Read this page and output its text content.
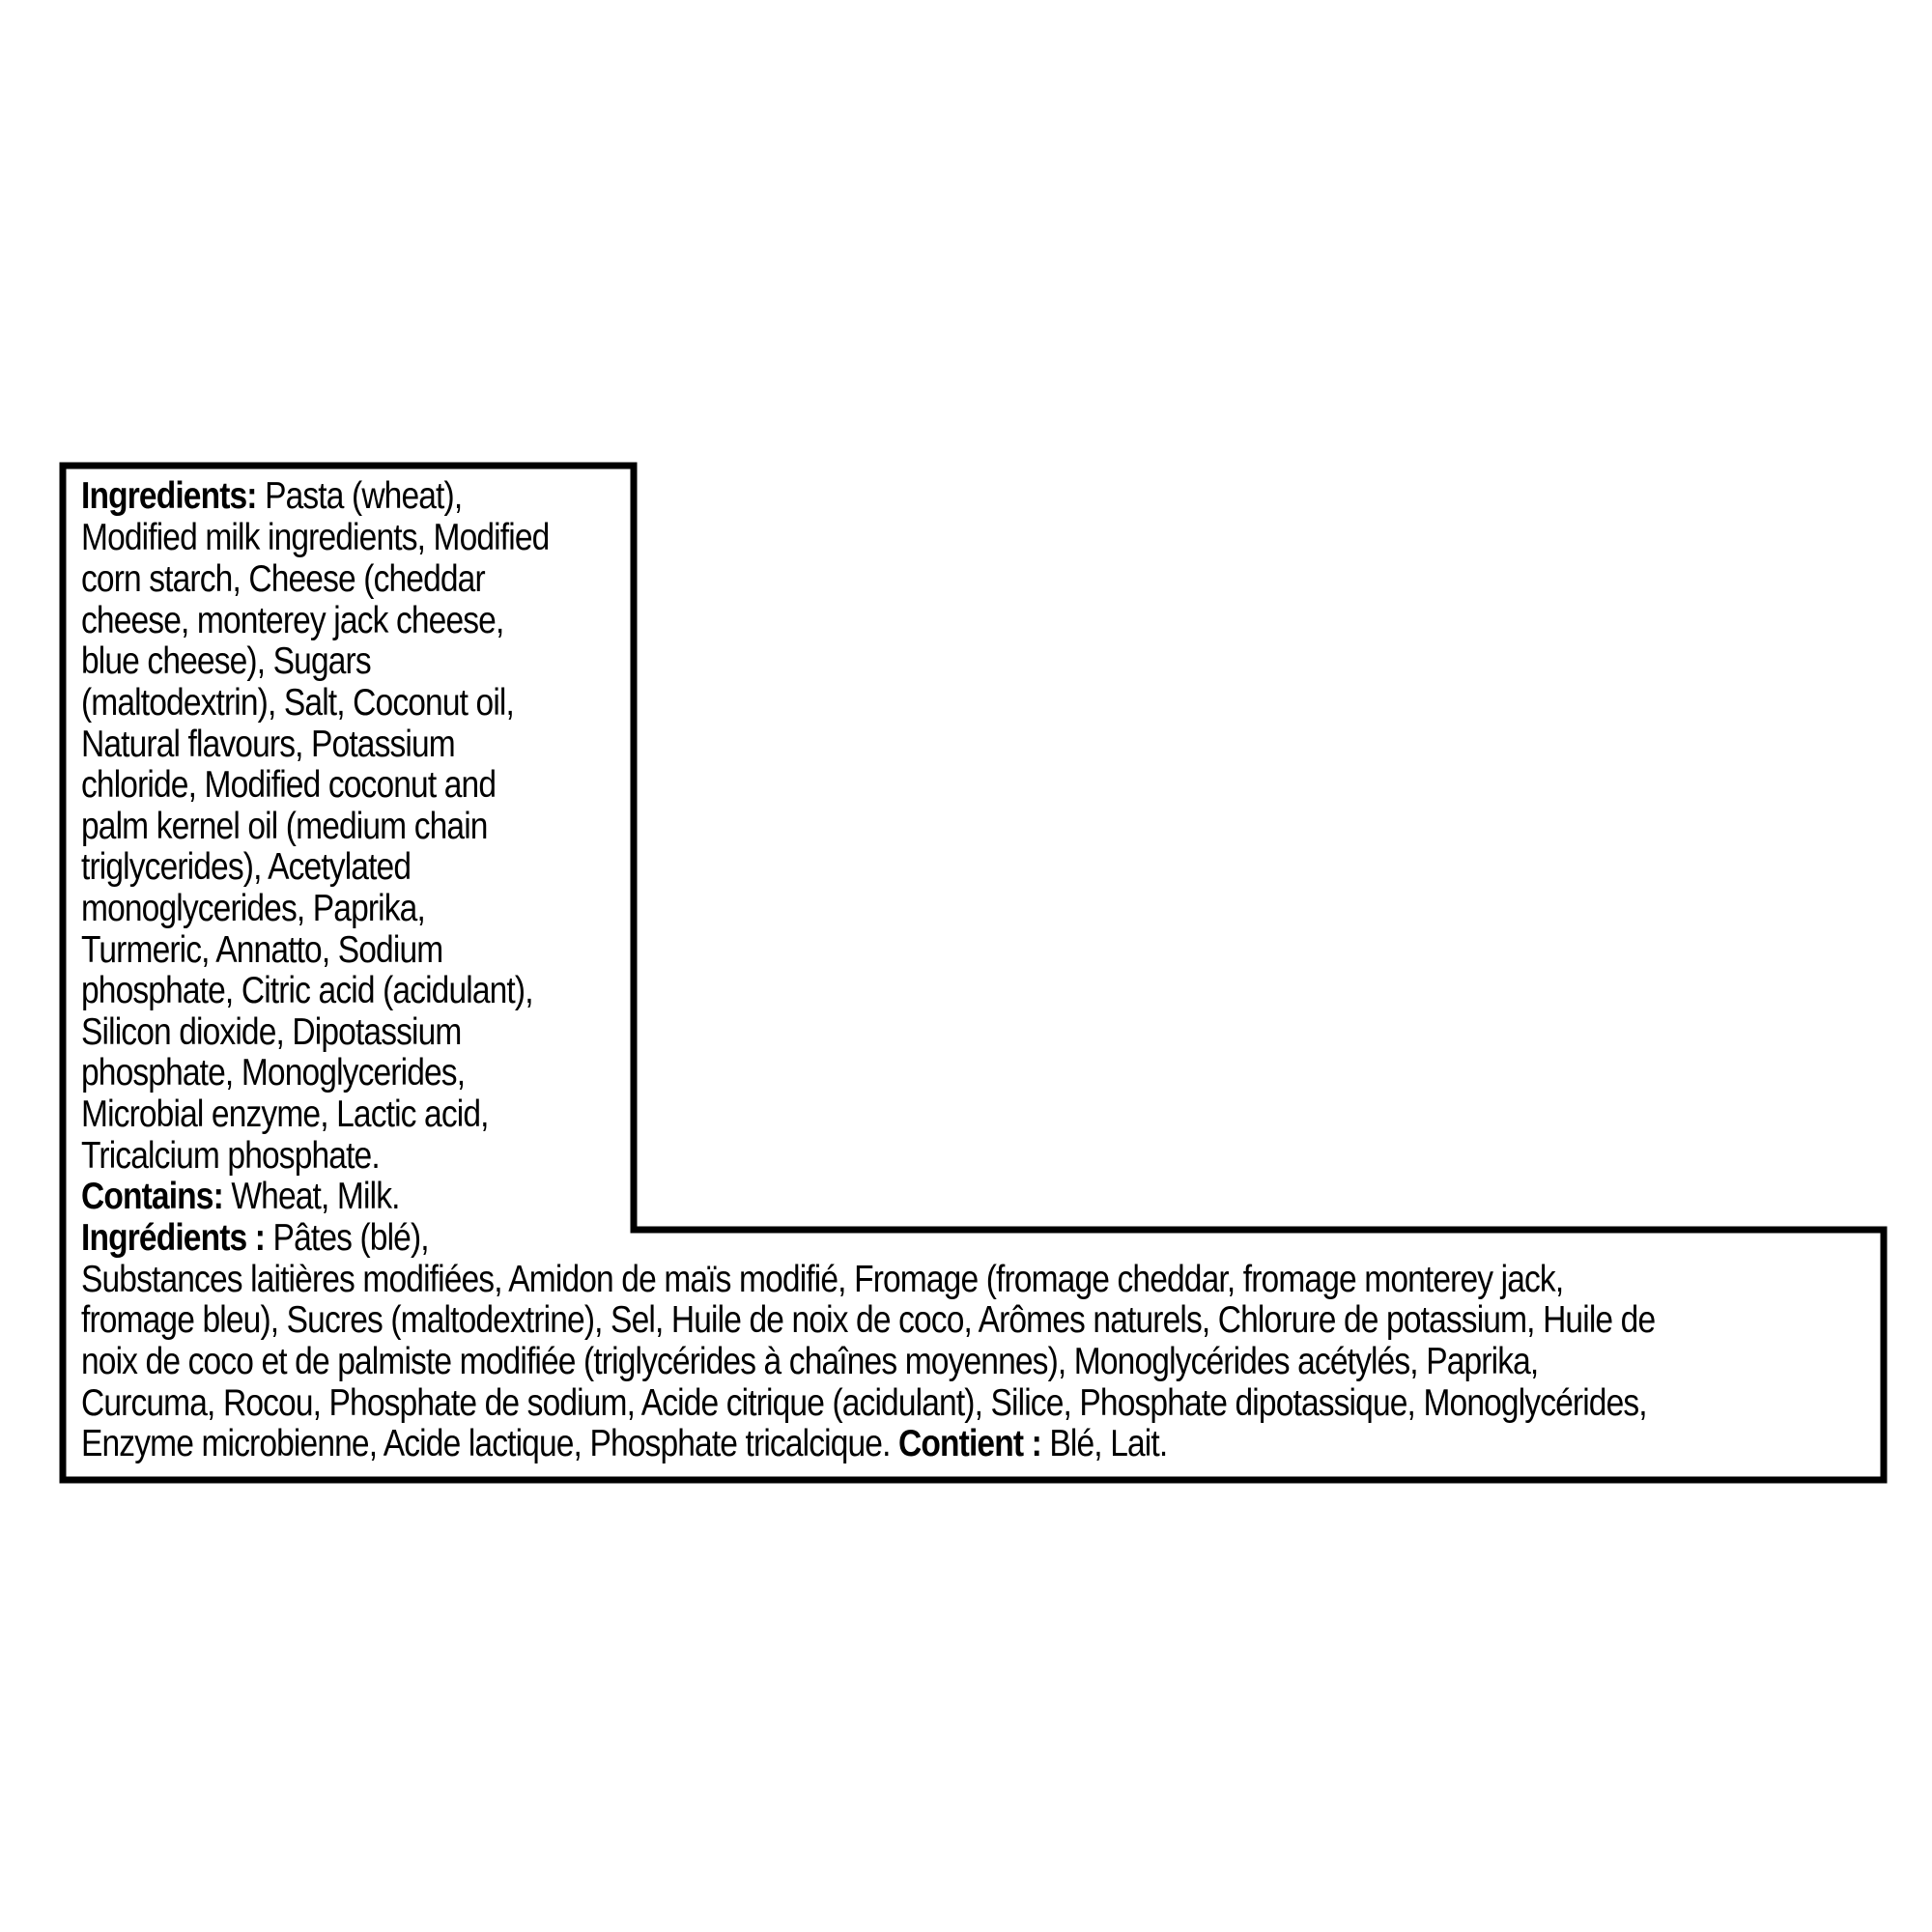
Ingredients: Pasta (wheat),
Modified milk ingredients, Modified
corn starch, Cheese (cheddar
cheese, monterey jack cheese,
blue cheese), Sugars
(maltodextrin), Salt, Coconut oil,
Natural flavours, Potassium
chloride, Modified coconut and
palm kernel oil (medium chain
triglycerides), Acetylated
monoglycerides, Paprika,
Turmeric, Annatto, Sodium
phosphate, Citric acid (acidulant),
Silicon dioxide, Dipotassium
phosphate, Monoglycerides,
Microbial enzyme, Lactic acid,
Tricalcium phosphate.
Contains: Wheat, Milk.
Ingrédients : Pâtes (blé),
Substances laitières modifiées, Amidon de maïs modifié, Fromage (fromage cheddar, fromage monterey jack,
fromage bleu), Sucres (maltodextrine), Sel, Huile de noix de coco, Arômes naturels, Chlorure de potassium, Huile de
noix de coco et de palmiste modifiée (triglycérides à chaînes moyennes), Monoglycérides acétylés, Paprika,
Curcuma, Rocou, Phosphate de sodium, Acide citrique (acidulant), Silice, Phosphate dipotassique, Monoglycérides,
Enzyme microbienne, Acide lactique, Phosphate tricalcique. Contient : Blé, Lait.
